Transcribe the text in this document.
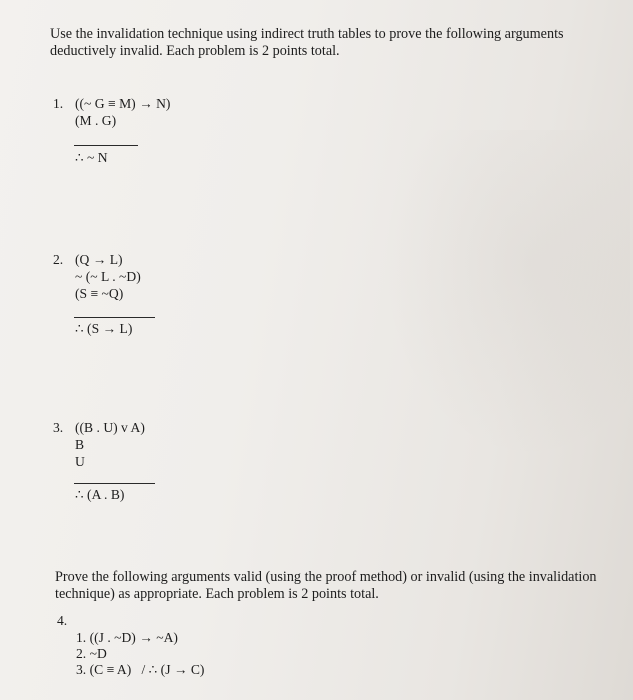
Use the invalidation technique using indirect truth tables to prove the following arguments deductively invalid. Each problem is 2 points total.
1. ((~ G ≡ M) → N)
(M . G)
∴ ~ N
2. (Q → L)
~ (~ L . ~D)
(S ≡ ~Q)
∴ (S → L)
3. ((B . U) v A)
B
U
∴ (A . B)
Prove the following arguments valid (using the proof method) or invalid (using the invalidation technique) as appropriate. Each problem is 2 points total.
4.
1. ((J . ~D) → ~A)
2. ~D
3. (C ≡ A)   / ∴ (J → C)
